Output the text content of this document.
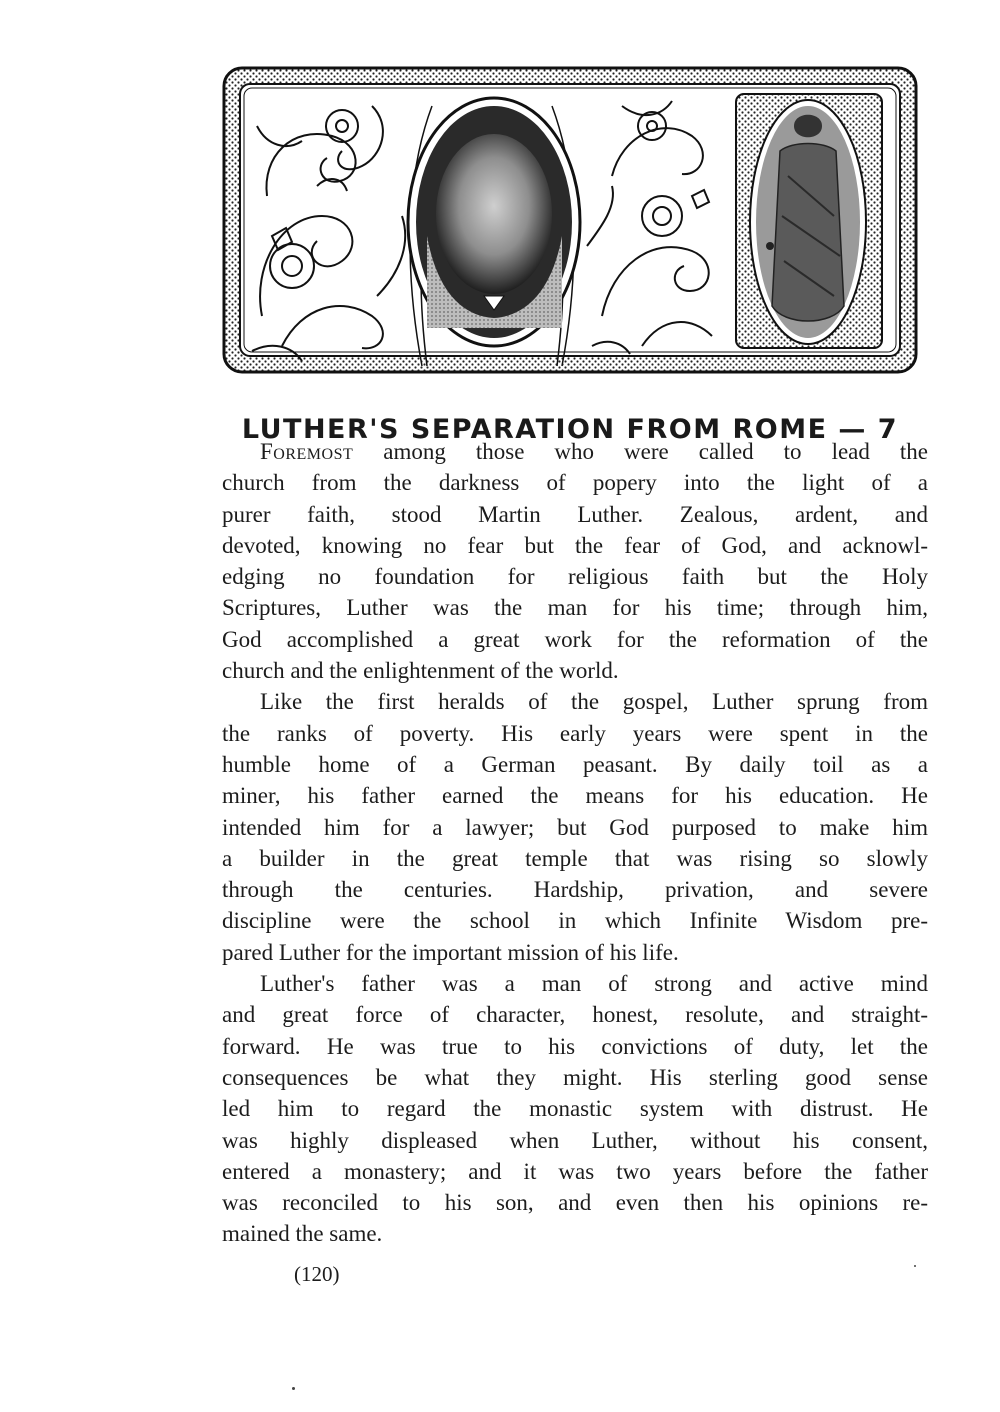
LUTHER'S SEPARATION FROM ROME — 7

Foremost among those who were called to lead the
church from the darkness of popery into the light of a
purer faith, stood Martin Luther. Zealous, ardent, and
devoted, knowing no fear but the fear of God, and acknowl-
edging no foundation for religious faith but the Holy
Scriptures, Luther was the man for his time; through him,
God accomplished a great work for the reformation of the
church and the enlightenment of the world.

Like the first heralds of the gospel, Luther sprung from
the ranks of poverty. His early years were spent in the
humble home of a German peasant. By daily toil as a
miner, his father earned the means for his education. He
intended him for a lawyer; but God purposed to make him
a builder in the great temple that was rising so slowly
through the centuries. Hardship, privation, and severe
discipline were the school in which Infinite Wisdom pre-
pared Luther for the important mission of his life.

Luther's father was a man of strong and active mind
and great force of character, honest, resolute, and straight-
forward. He was true to his convictions of duty, let the
consequences be what they might. His sterling good sense
led him to regard the monastic system with distrust. He
was highly displeased when Luther, without his consent,
entered a monastery; and it was two years before the father
was reconciled to his son, and even then his opinions re-
mained the same.

(120)
